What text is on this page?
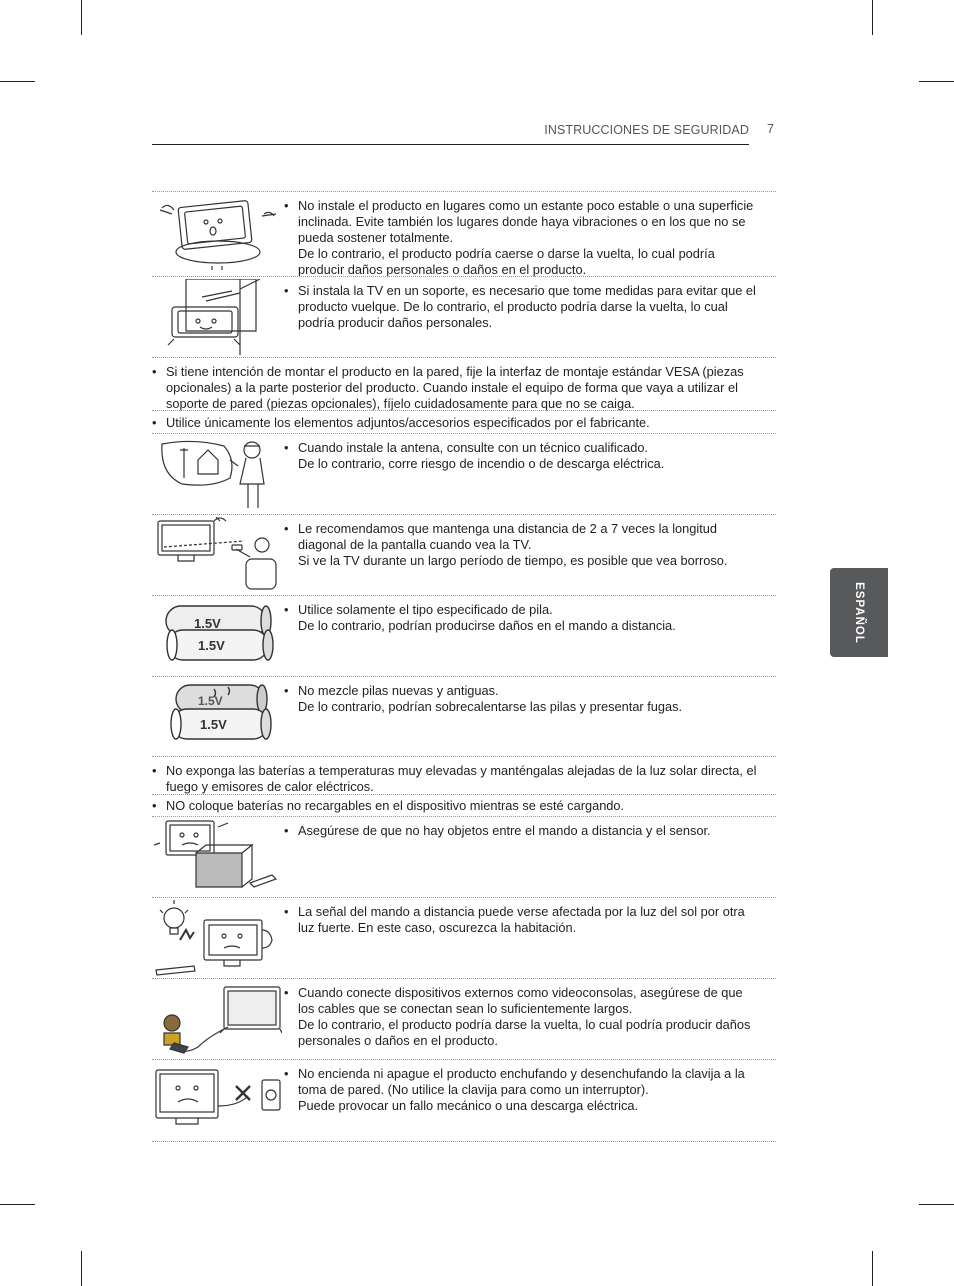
INSTRUCCIONES DE SEGURIDAD 7
ESPAÑOL
• No instale el producto en lugares como un estante poco estable o una superficie inclinada. Evite también los lugares donde haya vibraciones o en los que no se pueda sostener totalmente.

De lo contrario, el producto podría caerse o darse la vuelta, lo cual podría producir daños personales o daños en el producto.

• Si instala la TV en un soporte, es necesario que tome medidas para evitar que el producto vuelque. De lo contrario, el producto podría darse la vuelta, lo cual podría producir daños personales.

• Si tiene intención de montar el producto en la pared, fije la interfaz de montaje estándar VESA (piezas opcionales) a la parte posterior del producto. Cuando instale el equipo de forma que vaya a utilizar el soporte de pared (piezas opcionales), fíjelo cuidadosamente para que no se caiga.

• Utilice únicamente los elementos adjuntos/accesorios especificados por el fabricante.

• Cuando instale la antena, consulte con un técnico cualificado.

De lo contrario, corre riesgo de incendio o de descarga eléctrica.

• Le recomendamos que mantenga una distancia de 2 a 7 veces la longitud diagonal de la pantalla cuando vea la TV.

Si ve la TV durante un largo período de tiempo, es posible que vea borroso.

1.5V
1.5V
• Utilice solamente el tipo especificado de pila.

De lo contrario, podrían producirse daños en el mando a distancia.

1.5V
1.5V
• No mezcle pilas nuevas y antiguas.

De lo contrario, podrían sobrecalentarse las pilas y presentar fugas.

• No exponga las baterías a temperaturas muy elevadas y manténgalas alejadas de la luz solar directa, el fuego y emisores de calor eléctricos.

• NO coloque baterías no recargables en el dispositivo mientras se esté cargando.

• Asegúrese de que no hay objetos entre el mando a distancia y el sensor.

• La señal del mando a distancia puede verse afectada por la luz del sol por otra luz fuerte. En este caso, oscurezca la habitación.

• Cuando conecte dispositivos externos como videoconsolas, asegúrese de que los cables que se conectan sean lo suficientemente largos.

De lo contrario, el producto podría darse la vuelta, lo cual podría producir daños personales o daños en el producto.

• No encienda ni apague el producto enchufando y desenchufando la clavija a la toma de pared. (No utilice la clavija para como un interruptor).

Puede provocar un fallo mecánico o una descarga eléctrica.
